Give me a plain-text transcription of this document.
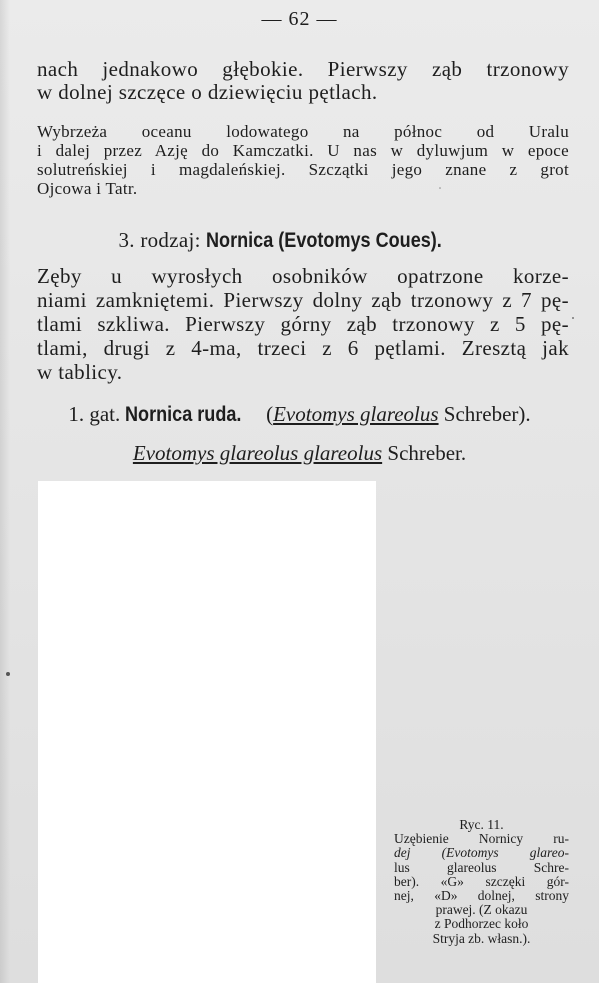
— 62 —

nach jednakowo głębokie. Pierwszy ząb trzonowy
w dolnej szczęce o dziewięciu pętlach.

Wybrzeża oceanu lodowatego na północ od Uralu
i dalej przez Azję do Kamczatki. U nas w dyluwjum w epoce
solutreńskiej i magdaleńskiej. Szczątki jego znane z grot
Ojcowa i Tatr.

3. rodzaj: Nornica (Evotomys Coues).

Zęby u wyrosłych osobników opatrzone korze-
niami zamkniętemi. Pierwszy dolny ząb trzonowy z 7 pę-
tlami szkliwa. Pierwszy górny ząb trzonowy z 5 pę-
tlami, drugi z 4-ma, trzeci z 6 pętlami. Zresztą jak
w tablicy.

1. gat. Nornica ruda. (Evotomys glareolus Schreber).
Evotomys glareolus glareolus Schreber.

Ryc. 11.
Uzębienie Nornicy ru-
dej (Evotomys glareo-
lus glareolus Schre-
ber). «G» szczęki gór-
nej, «D» dolnej, strony
prawej. (Z okazu
z Podhorzec koło
Stryja zb. własn.).
